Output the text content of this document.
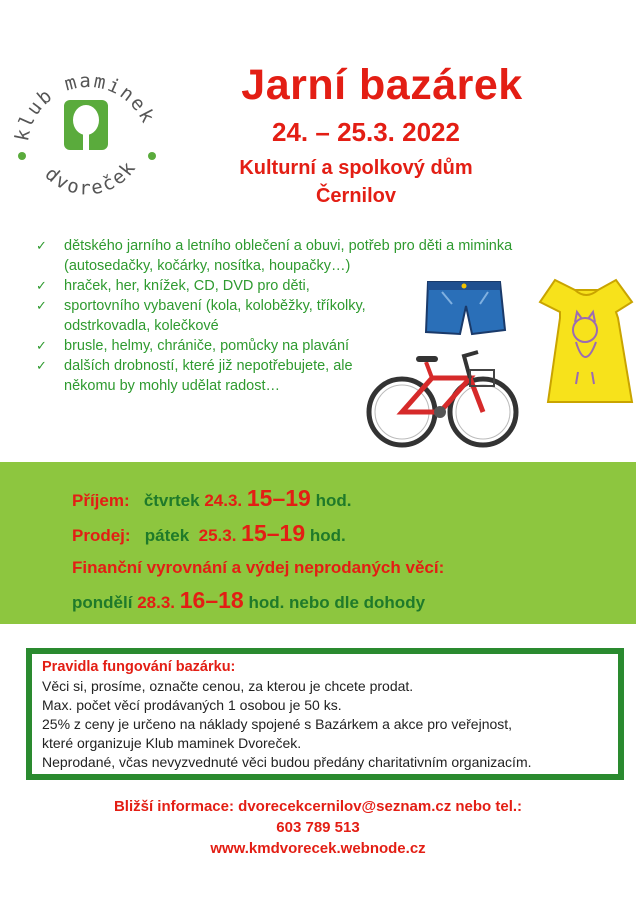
klub maminek
dvoreček
Jarní bazárek
24. – 25.3. 2022
Kulturní a spolkový dům
Černilov
✓ dětského jarního a letního oblečení a obuvi, potřeb pro děti a miminka (autosedačky, kočárky, nosítka, houpačky…)
✓ hraček, her, knížek, CD, DVD pro děti,
✓ sportovního vybavení (kola, koloběžky, tříkolky, odstrkovadla, kolečkové
✓ brusle, helmy, chrániče, pomůcky na plavání
✓ dalších drobností, které již nepotřebujete, ale někomu by mohly udělat radost…
Příjem: čtvrtek 24.3. 15–19 hod.
Prodej: pátek 25.3. 15–19 hod.
Finanční vyrovnání a výdej neprodaných věcí:
pondělí 28.3. 16–18 hod. nebo dle dohody
Pravidla fungování bazárku:
Věci si, prosíme, označte cenou, za kterou je chcete prodat.
Max. počet věcí prodávaných 1 osobou je 50 ks.
25% z ceny je určeno na náklady spojené s Bazárkem a akce pro veřejnost,
které organizuje Klub maminek Dvoreček.
Neprodané, včas nevyzvednuté věci budou předány charitativním organizacím.
Bližší informace: dvorecekcernilov@seznam.cz nebo tel.:
603 789 513
www.kmdvorecek.webnode.cz
